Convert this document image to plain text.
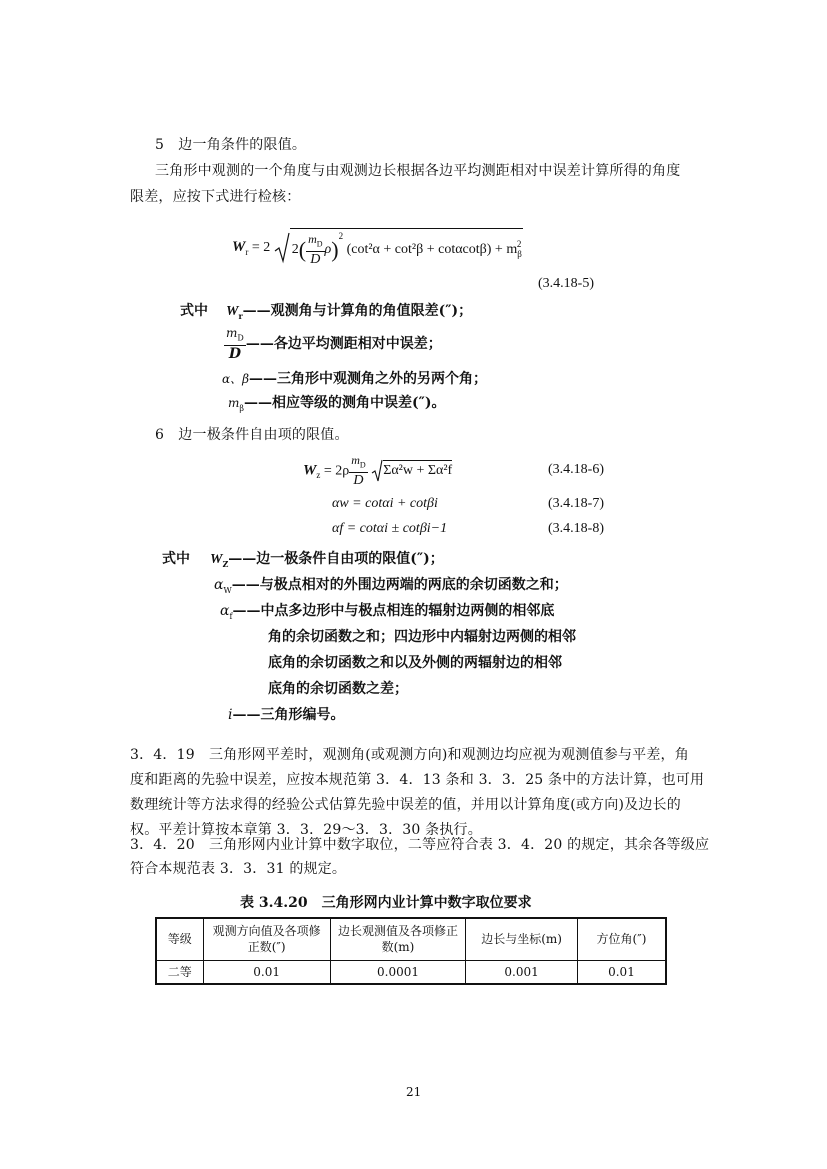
5　边一角条件的限值。
三角形中观测的一个角度与由观测边长根据各边平均测距相对中误差计算所得的角度
限差，应按下式进行检核：
$W_r = 2$ $2( \frac{m_D}{D} \rho)^2$ $(\cot^2\alpha + \cot^2\beta + \cot\alpha\cot\beta) + m_\beta^2$
(3.4.18-5)
式中 $W_r——$观测角与计算角的角值限差(″)；
$\frac{m_D}{D}$ ——各边平均测距相对中误差；
α、β——三角形中观测角之外的另两个角；
$m_\beta——$相应等级的测角中误差(″)。
6　边一极条件自由项的限值。
$W_z = 2\rho \frac{m_D}{D} \Sigma\alpha^2w + \Sigma\alpha^2f$	(3.4.18-6)
αw = cotαi + cotβi	(3.4.18-7)
αf = cotαi ± cotβi−1	(3.4.18-8)
式中 $W_Z——$边一极条件自由项的限值(″)；
$\alpha_W——$与极点相对的外围边两端的两底的余切函数之和；
$\alpha_f——$中点多边形中与极点相连的辐射边两侧的相邻底
角的余切函数之和；四边形中内辐射边两侧的相邻
底角的余切函数之和以及外侧的两辐射边的相邻
底角的余切函数之差；
i——三角形编号。
3．4．19　三角形网平差时，观测角(或观测方向)和观测边均应视为观测值参与平差，角
度和距离的先验中误差，应按本规范第 3．4．13 条和 3．3．25 条中的方法计算，也可用
数理统计等方法求得的经验公式估算先验中误差的值，并用以计算角度(或方向)及边长的
权。平差计算按本章第 3．3．29～3．3．30 条执行。
3．4．20　三角形网内业计算中数字取位，二等应符合表 3．4．20 的规定，其余各等级应
符合本规范表 3．3．31 的规定。
表 3.4.20　三角形网内业计算中数字取位要求
等级	观测方向值及各项修正数(″)	边长观测值及各项修正数(m)	边长与坐标(m)	方位角(″)
二等	0.01	0.0001	0.001	0.01
21
